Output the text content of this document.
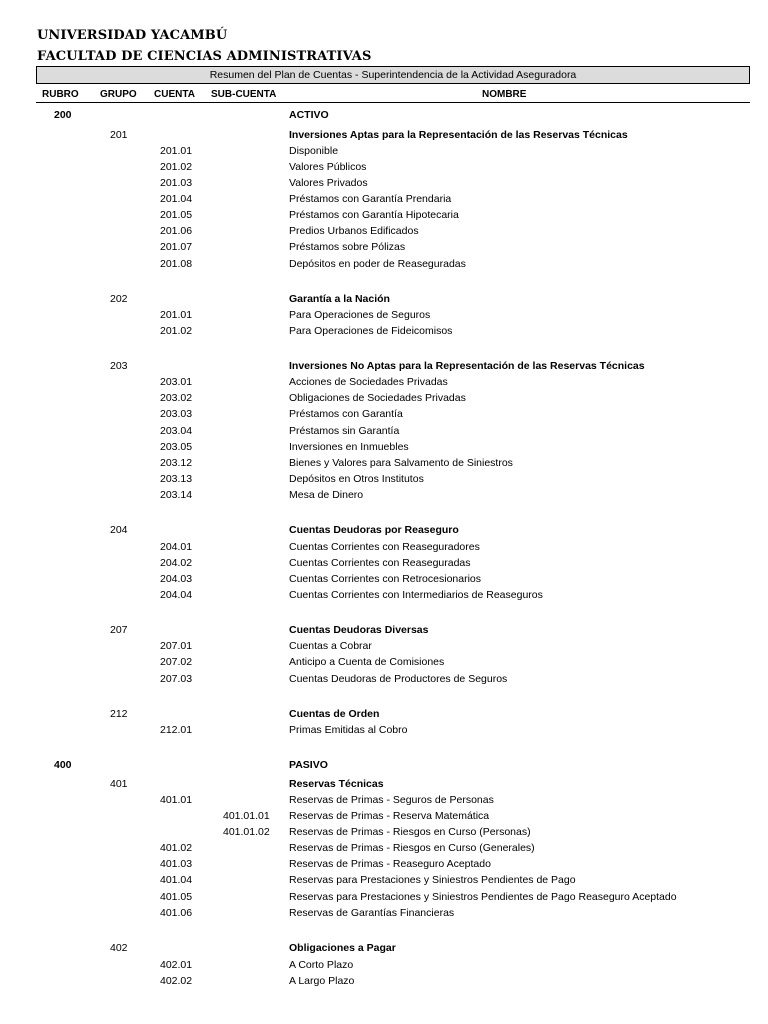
UNIVERSIDAD YACAMBÚ
FACULTAD DE CIENCIAS ADMINISTRATIVAS
Resumen del Plan de Cuentas - Superintendencia de la Actividad Aseguradora
RUBRO GRUPO CUENTA SUB-CUENTA	NOMBRE
200	ACTIVO
201	Inversiones Aptas para la Representación de las Reservas Técnicas
201.01	Disponible
201.02	Valores Públicos
201.03	Valores Privados
201.04	Préstamos con Garantía Prendaria
201.05	Préstamos con Garantía Hipotecaria
201.06	Predios Urbanos Edificados
201.07	Préstamos sobre Pólizas
201.08	Depósitos en poder de Reaseguradas
202	Garantía a la Nación
201.01	Para Operaciones de Seguros
201.02	Para Operaciones de Fideicomisos
203	Inversiones No Aptas para la Representación de las Reservas Técnicas
203.01	Acciones de Sociedades Privadas
203.02	Obligaciones de Sociedades Privadas
203.03	Préstamos con Garantía
203.04	Préstamos sin Garantía
203.05	Inversiones en Inmuebles
203.12	Bienes y Valores para Salvamento de Siniestros
203.13	Depósitos en Otros Institutos
203.14	Mesa de Dinero
204	Cuentas Deudoras por Reaseguro
204.01	Cuentas Corrientes con Reaseguradores
204.02	Cuentas Corrientes con Reaseguradas
204.03	Cuentas Corrientes con Retrocesionarios
204.04	Cuentas Corrientes con Intermediarios de Reaseguros
207	Cuentas Deudoras Diversas
207.01	Cuentas a Cobrar
207.02	Anticipo a Cuenta de Comisiones
207.03	Cuentas Deudoras de Productores de Seguros
212	Cuentas de Orden
212.01	Primas Emitidas al Cobro
400	PASIVO
401	Reservas Técnicas
401.01	Reservas de Primas - Seguros de Personas
401.01.01 Reservas de Primas - Reserva Matemática
401.01.02 Reservas de Primas - Riesgos en Curso (Personas)
401.02	Reservas de Primas - Riesgos en Curso (Generales)
401.03	Reservas de Primas - Reaseguro Aceptado
401.04	Reservas para Prestaciones y Siniestros Pendientes de Pago
401.05	Reservas para Prestaciones y Siniestros Pendientes de Pago Reaseguro Aceptado
401.06	Reservas de Garantías Financieras
402	Obligaciones a Pagar
402.01	A Corto Plazo
402.02	A Largo Plazo
